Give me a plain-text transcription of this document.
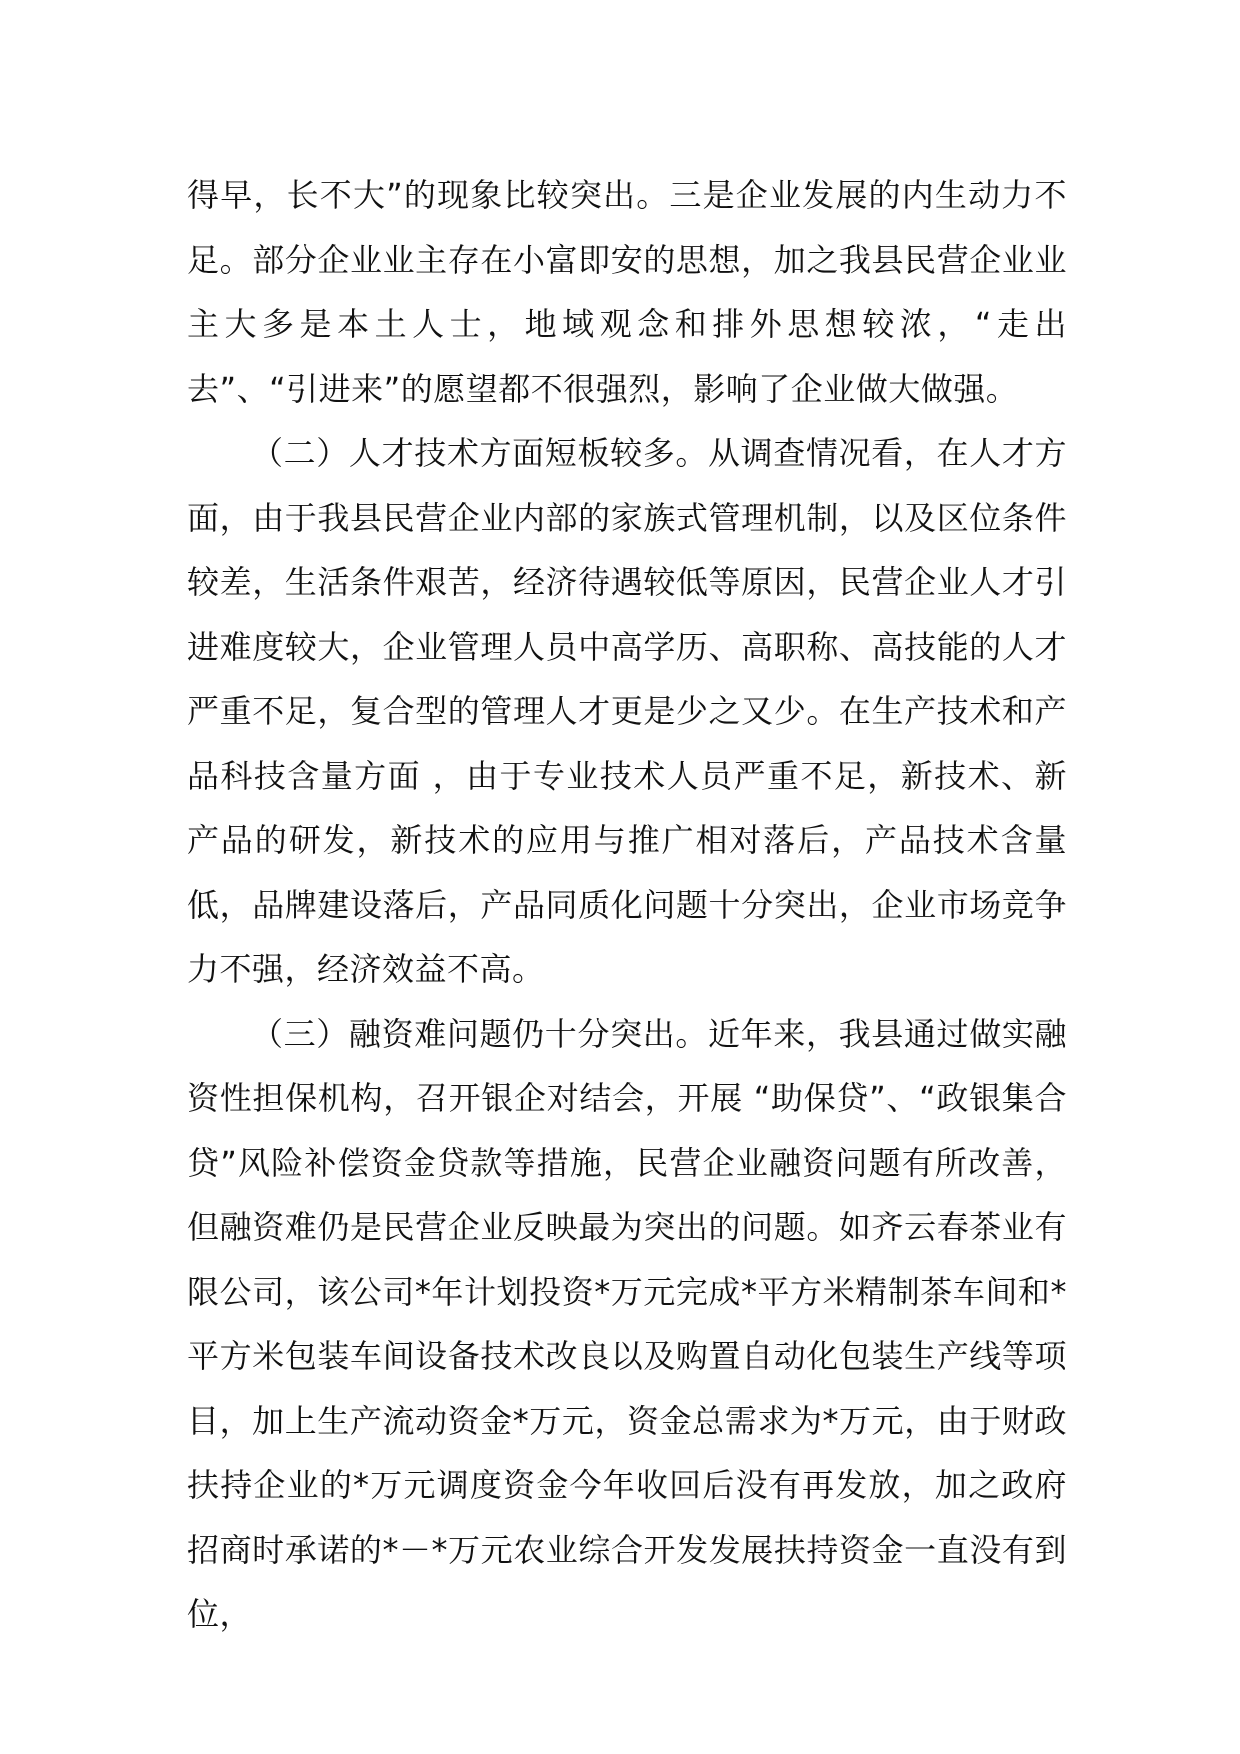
得早，长不大”的现象比较突出。三是企业发展的内生动力不足。部分企业业主存在小富即安的思想，加之我县民营企业业主大多是本土人士，地域观念和排外思想较浓，“走出去”、“引进来”的愿望都不很强烈，影响了企业做大做强。

（二）人才技术方面短板较多。从调查情况看，在人才方面，由于我县民营企业内部的家族式管理机制，以及区位条件较差，生活条件艰苦，经济待遇较低等原因，民营企业人才引进难度较大，企业管理人员中高学历、高职称、高技能的人才严重不足，复合型的管理人才更是少之又少。在生产技术和产品科技含量方面 ，由于专业技术人员严重不足，新技术、新产品的研发，新技术的应用与推广相对落后，产品技术含量低，品牌建设落后，产品同质化问题十分突出，企业市场竞争力不强，经济效益不高。

（三）融资难问题仍十分突出。近年来，我县通过做实融资性担保机构，召开银企对结会，开展 “助保贷”、“政银集合贷”风险补偿资金贷款等措施，民营企业融资问题有所改善，但融资难仍是民营企业反映最为突出的问题。如齐云春茶业有限公司，该公司*年计划投资*万元完成*平方米精制茶车间和*平方米包装车间设备技术改良以及购置自动化包装生产线等项目，加上生产流动资金*万元，资金总需求为*万元，由于财政扶持企业的*万元调度资金今年收回后没有再发放，加之政府招商时承诺的*－*万元农业综合开发发展扶持资金一直没有到位，
